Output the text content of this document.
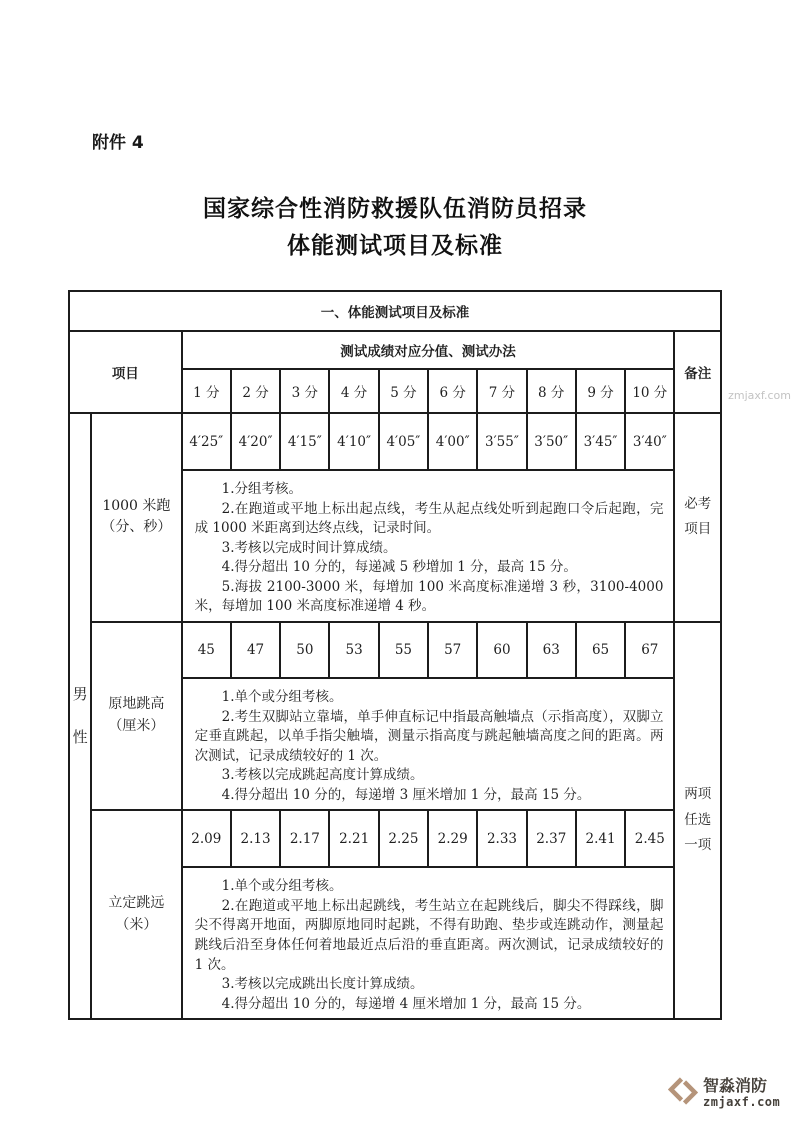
附件 4
国家综合性消防救援队伍消防员招录
体能测试项目及标准
zmjaxf.com
一、体能测试项目及标准												
项目		测试成绩对应分值、测试办法										备注
		1 分	2 分	3 分	4 分	5 分	6 分	7 分	8 分	9 分	10 分	

男性	1000 米跑
（分、秒）	4′25″	4′20″	4′15″	4′10″	4′05″	4′00″	3′55″	3′50″	3′45″	3′40″	必考项目

		1.分组考核。

2.在跑道或平地上标出起点线，考生从起点线处听到起跑口令后起跑，完成 1000 米距离到达终点线，记录时间。

3.考核以完成时间计算成绩。

4.得分超出 10 分的，每递减 5 秒增加 1 分，最高 15 分。

5.海拔 2100-3000 米，每增加 100 米高度标准递增 3 秒，3100-4000 米，每增加 100 米高度标准递增 4 秒。										

	原地跳高
（厘米）	45	47	50	53	55	57	60	63	65	67	两项任选一项

		1.单个或分组考核。

2.考生双脚站立靠墙，单手伸直标记中指最高触墙点（示指高度），双脚立定垂直跳起，以单手指尖触墙，测量示指高度与跳起触墙高度之间的距离。两次测试，记录成绩较好的 1 次。

3.考核以完成跳起高度计算成绩。

4.得分超出 10 分的，每递增 3 厘米增加 1 分，最高 15 分。										

	立定跳远
（米）	2.09	2.13	2.17	2.21	2.25	2.29	2.33	2.37	2.41	2.45	

		1.单个或分组考核。

2.在跑道或平地上标出起跳线，考生站立在起跳线后，脚尖不得踩线，脚尖不得离开地面，两脚原地同时起跳，不得有助跑、垫步或连跳动作，测量起跳线后沿至身体任何着地最近点后沿的垂直距离。两次测试，记录成绩较好的 1 次。

3.考核以完成跳出长度计算成绩。

4.得分超出 10 分的，每递增 4 厘米增加 1 分，最高 15 分。										

智淼消防
zmjaxf.com
